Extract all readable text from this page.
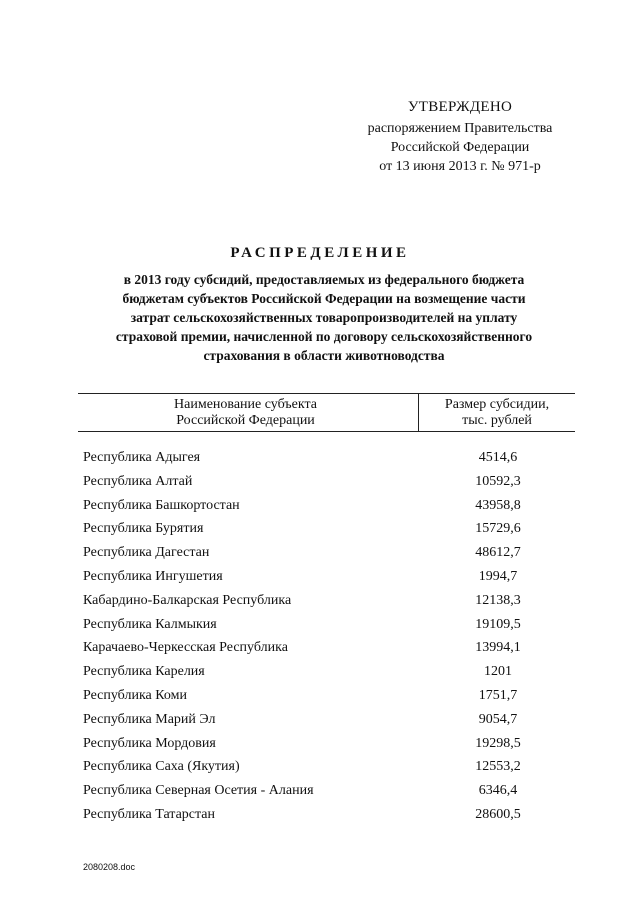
УТВЕРЖДЕНО
распоряжением Правительства
Российской Федерации
от 13 июня 2013 г. № 971-р
РАСПРЕДЕЛЕНИЕ
в 2013 году субсидий, предоставляемых из федерального бюджета
бюджетам субъектов Российской Федерации на возмещение части
затрат сельскохозяйственных товаропроизводителей на уплату
страховой премии, начисленной по договору сельскохозяйственного
страхования в области животноводства
Наименование субъекта
Российской Федерации
Размер субсидии,
тыс. рублей
Республика Адыгея	4514,6
Республика Алтай	10592,3
Республика Башкортостан	43958,8
Республика Бурятия	15729,6
Республика Дагестан	48612,7
Республика Ингушетия	1994,7
Кабардино-Балкарская Республика	12138,3
Республика Калмыкия	19109,5
Карачаево-Черкесская Республика	13994,1
Республика Карелия	1201
Республика Коми	1751,7
Республика Марий Эл	9054,7
Республика Мордовия	19298,5
Республика Саха (Якутия)	12553,2
Республика Северная Осетия - Алания	6346,4
Республика Татарстан	28600,5
2080208.doc
